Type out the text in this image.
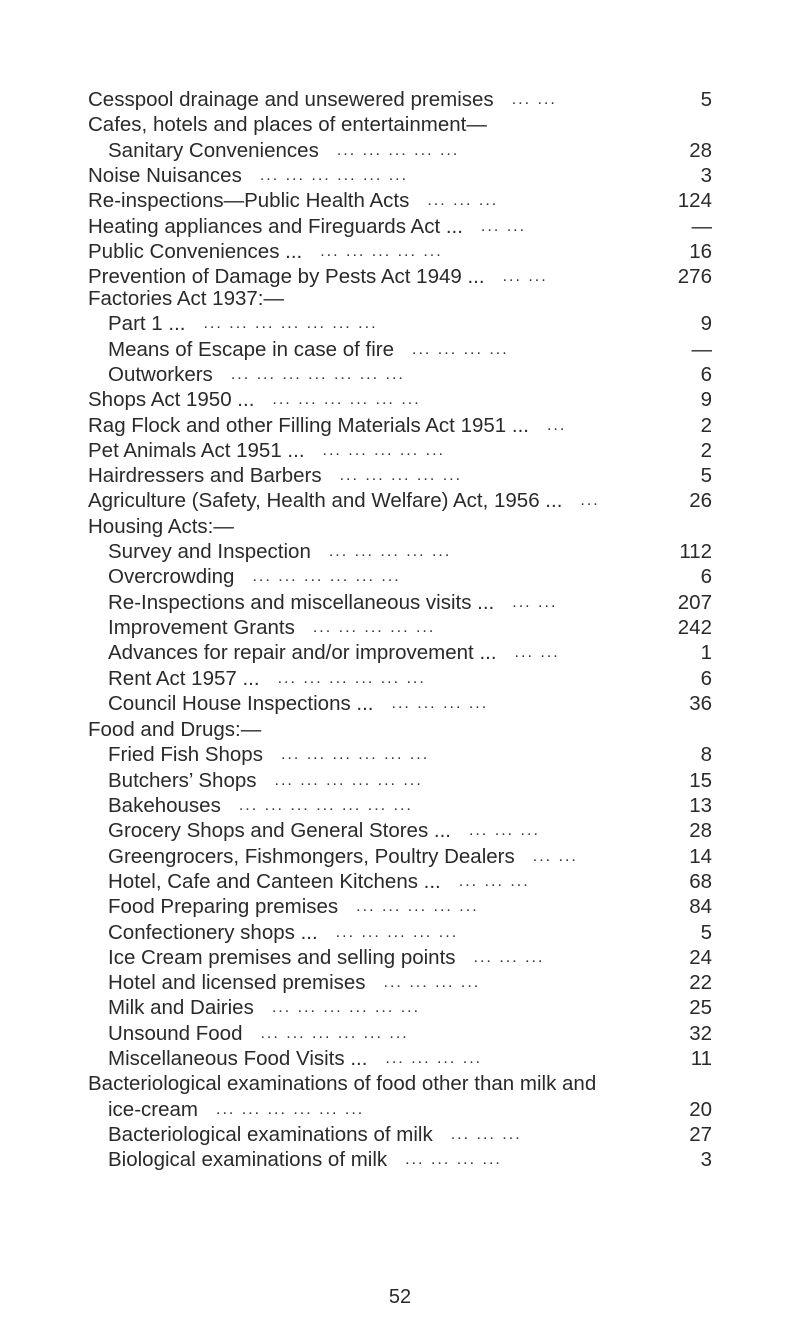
Cesspool drainage and unsewered premises ... ...	5
Cafes, hotels and places of entertainment—
Sanitary Conveniences ... ... ... ... ...	28
Noise Nuisances ... ... ... ... ... ...	3
Re-inspections—Public Health Acts ... ... ...	124
Heating appliances and Fireguards Act ... ... ...	—
Public Conveniences ... ... ... ... ... ...	16
Prevention of Damage by Pests Act 1949 ... ... ...	276
Factories Act 1937:—
Part 1 ... ... ... ... ... ... ... ...	9
Means of Escape in case of fire ... ... ... ...	—
Outworkers ... ... ... ... ... ... ...	6
Shops Act 1950 ... ... ... ... ... ... ...	9
Rag Flock and other Filling Materials Act 1951 ... ...	2
Pet Animals Act 1951 ... ... ... ... ... ...	2
Hairdressers and Barbers ... ... ... ... ...	5
Agriculture (Safety, Health and Welfare) Act, 1956 ... ...	26
Housing Acts:—
Survey and Inspection ... ... ... ... ...	112
Overcrowding ... ... ... ... ... ...	6
Re-Inspections and miscellaneous visits ... ... ...	207
Improvement Grants ... ... ... ... ...	242
Advances for repair and/or improvement ... ... ...	1
Rent Act 1957 ... ... ... ... ... ... ...	6
Council House Inspections ... ... ... ... ...	36
Food and Drugs:—
Fried Fish Shops ... ... ... ... ... ...	8
Butchers’ Shops ... ... ... ... ... ...	15
Bakehouses ... ... ... ... ... ... ...	13
Grocery Shops and General Stores ... ... ... ...	28
Greengrocers, Fishmongers, Poultry Dealers ... ...	14
Hotel, Cafe and Canteen Kitchens ... ... ... ...	68
Food Preparing premises ... ... ... ... ...	84
Confectionery shops ... ... ... ... ... ...	5
Ice Cream premises and selling points ... ... ...	24
Hotel and licensed premises ... ... ... ...	22
Milk and Dairies ... ... ... ... ... ...	25
Unsound Food ... ... ... ... ... ...	32
Miscellaneous Food Visits ... ... ... ... ...	11
Bacteriological examinations of food other than milk and
ice-cream ... ... ... ... ... ...	20
Bacteriological examinations of milk ... ... ...	27
Biological examinations of milk ... ... ... ...	3
52
